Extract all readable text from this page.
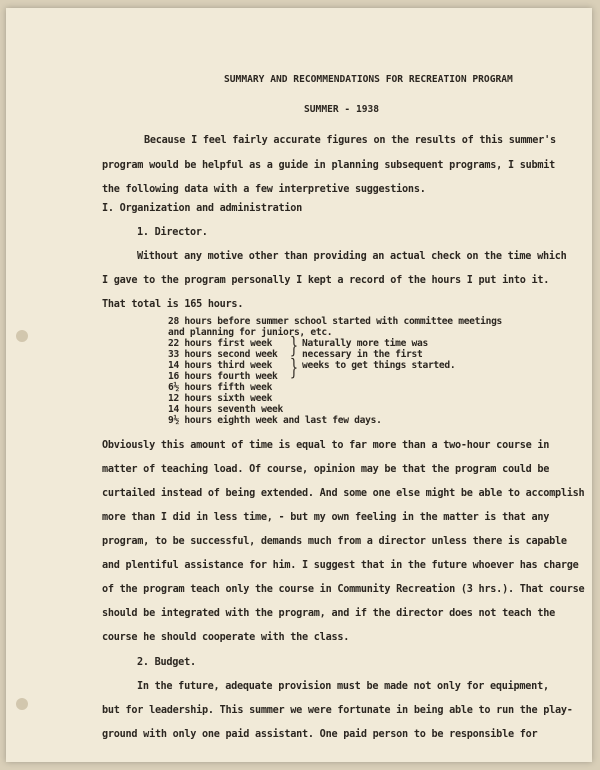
SUMMARY AND RECOMMENDATIONS FOR RECREATION PROGRAM
SUMMER - 1938
Because I feel fairly accurate figures on the results of this summer's
program would be helpful as a guide in planning subsequent programs, I submit
the following data with a few interpretive suggestions.
I. Organization and administration
1. Director.
Without any motive other than providing an actual check on the time which
I gave to the program personally I kept a record of the hours I put into it.
That total is 165 hours.
28 hours before summer school started with committee meetings
and planning for juniors, etc.
22 hours first week
33 hours second week
14 hours third week
16 hours fourth week
6½ hours fifth week
12 hours sixth week
14 hours seventh week
9½ hours eighth week and last few days.
}
}
Naturally more time was
necessary in the first
weeks to get things started.
Obviously this amount of time is equal to far more than a two-hour course in
matter of teaching load. Of course, opinion may be that the program could be
curtailed instead of being extended. And some one else might be able to accomplish
more than I did in less time, - but my own feeling in the matter is that any
program, to be successful, demands much from a director unless there is capable
and plentiful assistance for him. I suggest that in the future whoever has charge
of the program teach only the course in Community Recreation (3 hrs.). That course
should be integrated with the program, and if the director does not teach the
course he should cooperate with the class.
2. Budget.
In the future, adequate provision must be made not only for equipment,
but for leadership. This summer we were fortunate in being able to run the play-
ground with only one paid assistant. One paid person to be responsible for
